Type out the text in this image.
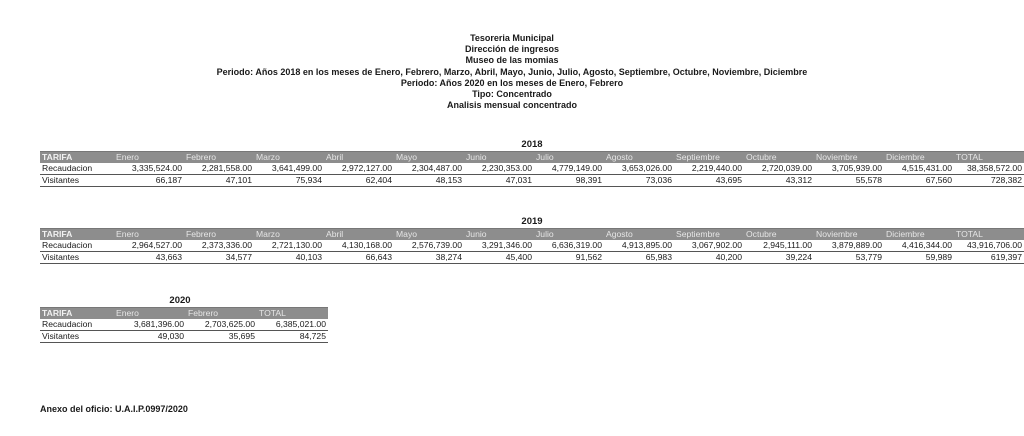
Tesoreria Municipal
Dirección de ingresos
Museo de las momias
Periodo: Años 2018 en los meses de Enero, Febrero, Marzo, Abril, Mayo, Junio, Julio, Agosto, Septiembre, Octubre, Noviembre, Diciembre
Periodo: Años 2020 en los meses de Enero, Febrero
Tipo: Concentrado
Analisis mensual concentrado
2018
TARIFA	Enero	Febrero	Marzo	Abril	Mayo	Junio	Julio	Agosto	Septiembre	Octubre	Noviembre	Diciembre	TOTAL
Recaudacion	3,335,524.00	2,281,558.00	3,641,499.00	2,972,127.00	2,304,487.00	2,230,353.00	4,779,149.00	3,653,026.00	2,219,440.00	2,720,039.00	3,705,939.00	4,515,431.00	38,358,572.00
Visitantes	66,187	47,101	75,934	62,404	48,153	47,031	98,391	73,036	43,695	43,312	55,578	67,560	728,382
2019
TARIFA	Enero	Febrero	Marzo	Abril	Mayo	Junio	Julio	Agosto	Septiembre	Octubre	Noviembre	Diciembre	TOTAL
Recaudacion	2,964,527.00	2,373,336.00	2,721,130.00	4,130,168.00	2,576,739.00	3,291,346.00	6,636,319.00	4,913,895.00	3,067,902.00	2,945,111.00	3,879,889.00	4,416,344.00	43,916,706.00
Visitantes	43,663	34,577	40,103	66,643	38,274	45,400	91,562	65,983	40,200	39,224	53,779	59,989	619,397
2020
TARIFA	Enero	Febrero	TOTAL
Recaudacion	3,681,396.00	2,703,625.00	6,385,021.00
Visitantes	49,030	35,695	84,725
Anexo del oficio: U.A.I.P.0997/2020
